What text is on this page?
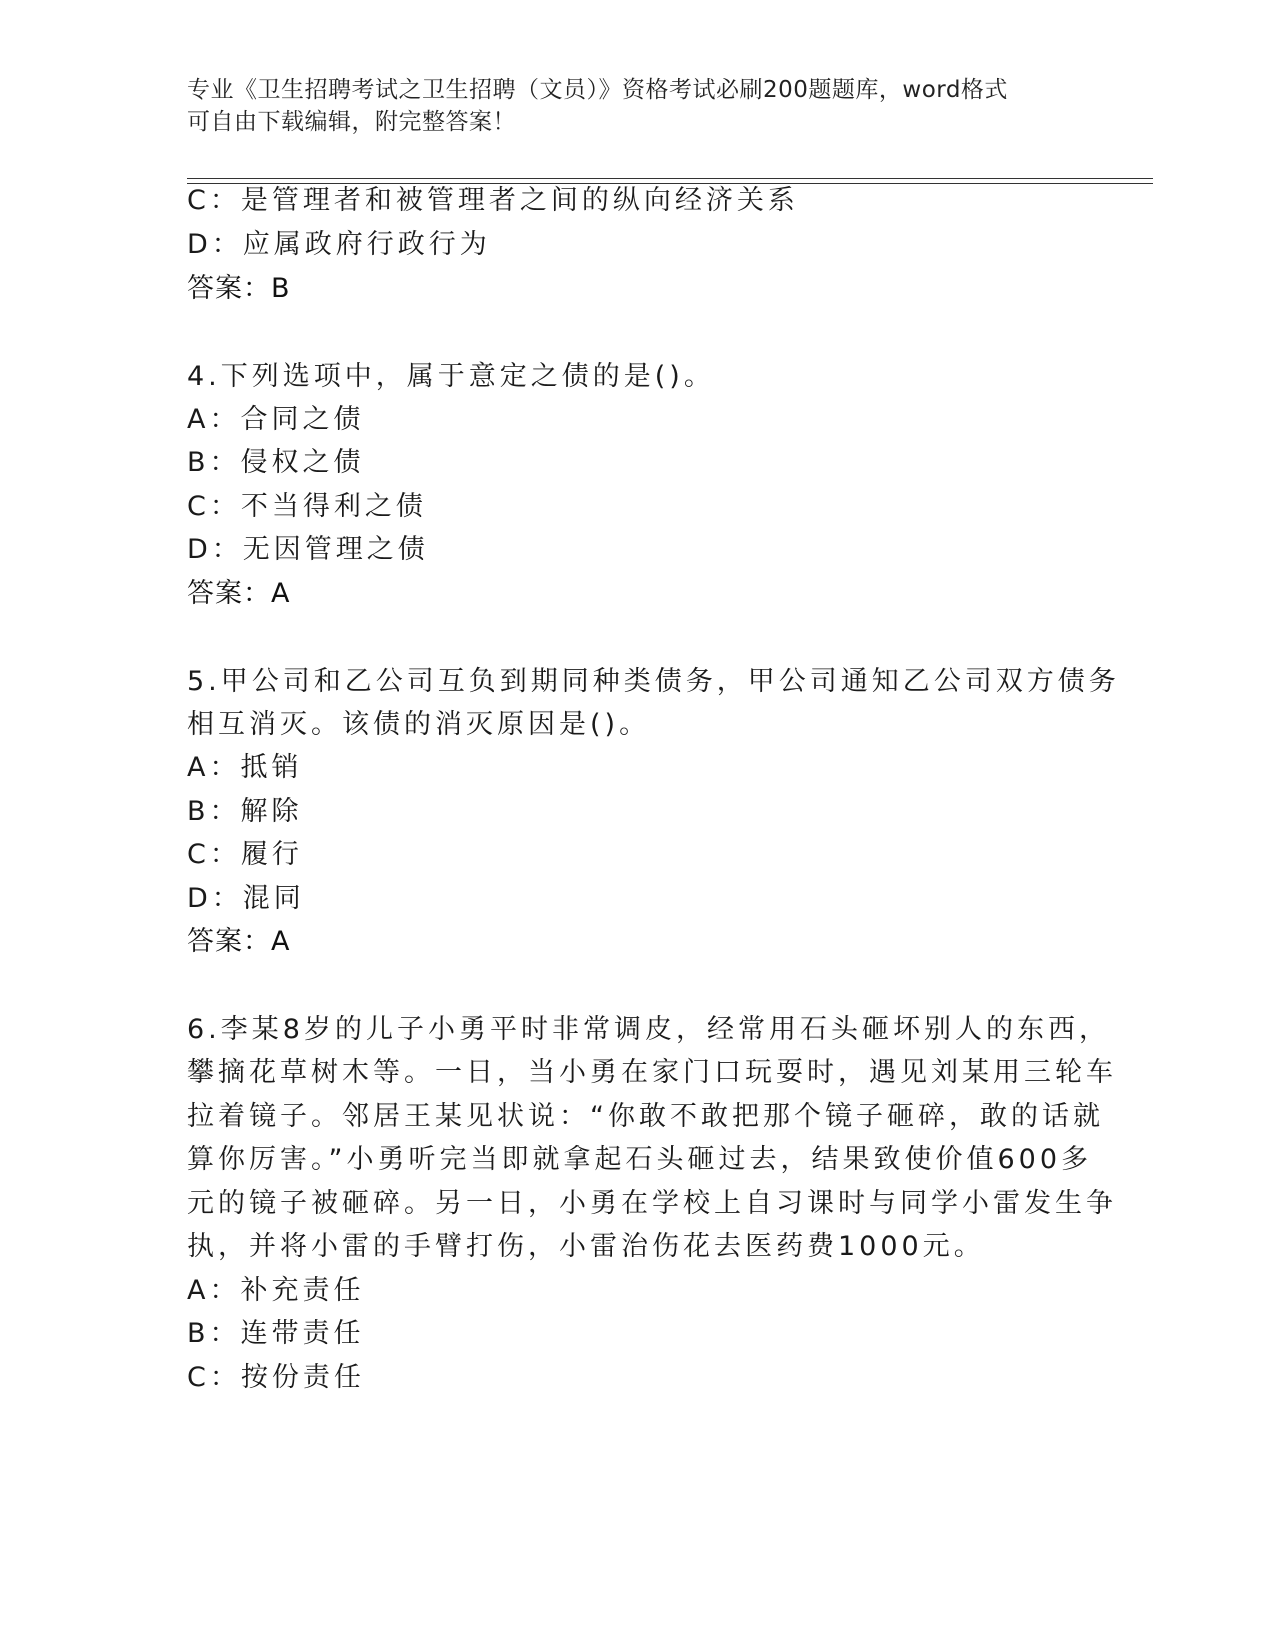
专业《卫生招聘考试之卫生招聘（文员）》资格考试必刷200题题库，word格式
可自由下载编辑，附完整答案！
C：是管理者和被管理者之间的纵向经济关系
D：应属政府行政行为
答案：B
4.下列选项中，属于意定之债的是()。
A：合同之债
B：侵权之债
C：不当得利之债
D：无因管理之债
答案：A
5.甲公司和乙公司互负到期同种类债务，甲公司通知乙公司双方债务
相互消灭。该债的消灭原因是()。
A：抵销
B：解除
C：履行
D：混同
答案：A
6.李某8岁的儿子小勇平时非常调皮，经常用石头砸坏别人的东西，
攀摘花草树木等。一日，当小勇在家门口玩耍时，遇见刘某用三轮车
拉着镜子。邻居王某见状说：“你敢不敢把那个镜子砸碎，敢的话就
算你厉害。”小勇听完当即就拿起石头砸过去，结果致使价值600多
元的镜子被砸碎。另一日，小勇在学校上自习课时与同学小雷发生争
执，并将小雷的手臂打伤，小雷治伤花去医药费1000元。
A：补充责任
B：连带责任
C：按份责任
